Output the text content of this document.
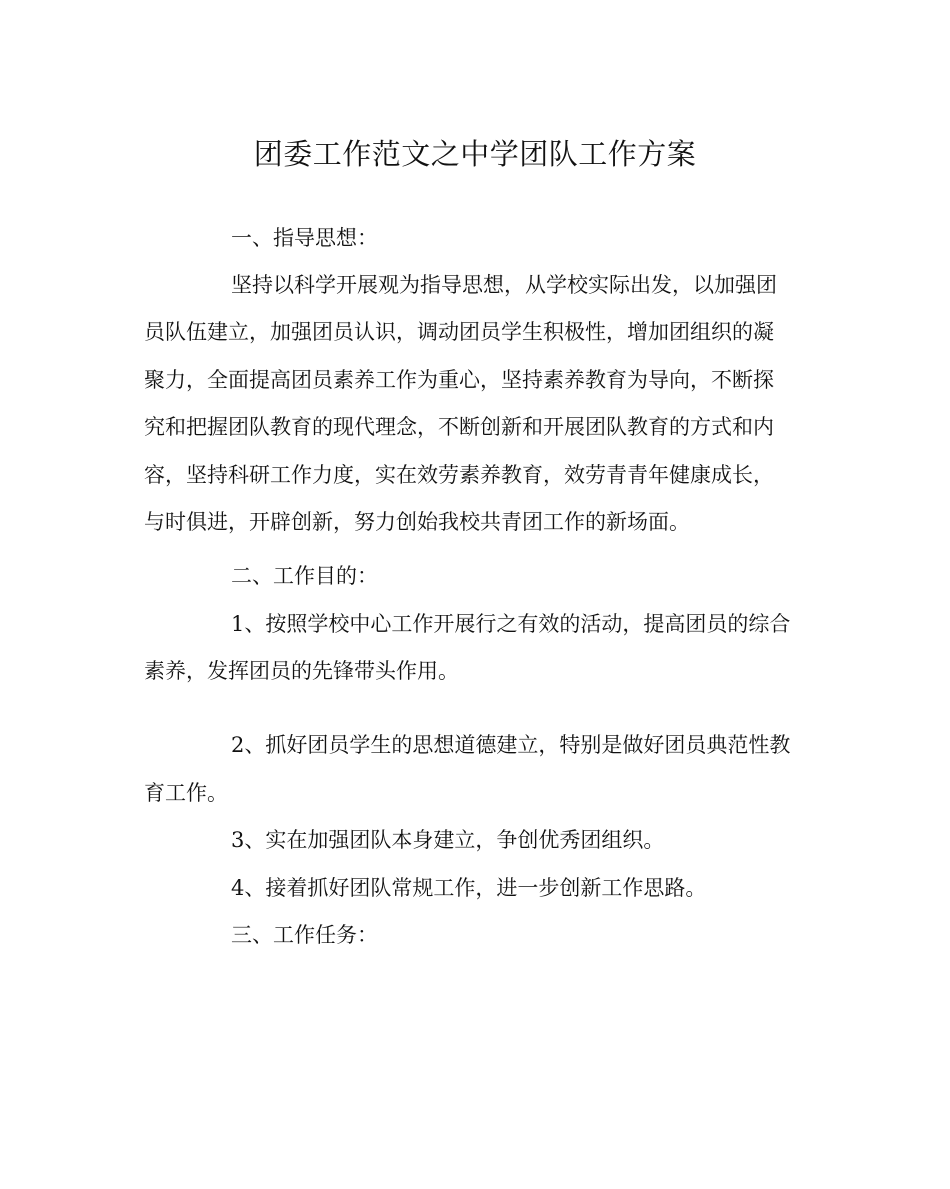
团委工作范文之中学团队工作方案

一、指导思想：

坚持以科学开展观为指导思想，从学校实际出发，以加强团

员队伍建立，加强团员认识，调动团员学生积极性，增加团组织的凝

聚力，全面提高团员素养工作为重心，坚持素养教育为导向，不断探

究和把握团队教育的现代理念，不断创新和开展团队教育的方式和内

容，坚持科研工作力度，实在效劳素养教育，效劳青青年健康成长，

与时俱进，开辟创新，努力创始我校共青团工作的新场面。

二、工作目的：

1、按照学校中心工作开展行之有效的活动，提高团员的综合

素养，发挥团员的先锋带头作用。

2、抓好团员学生的思想道德建立，特别是做好团员典范性教

育工作。

3、实在加强团队本身建立，争创优秀团组织。

4、接着抓好团队常规工作，进一步创新工作思路。

三、工作任务：
